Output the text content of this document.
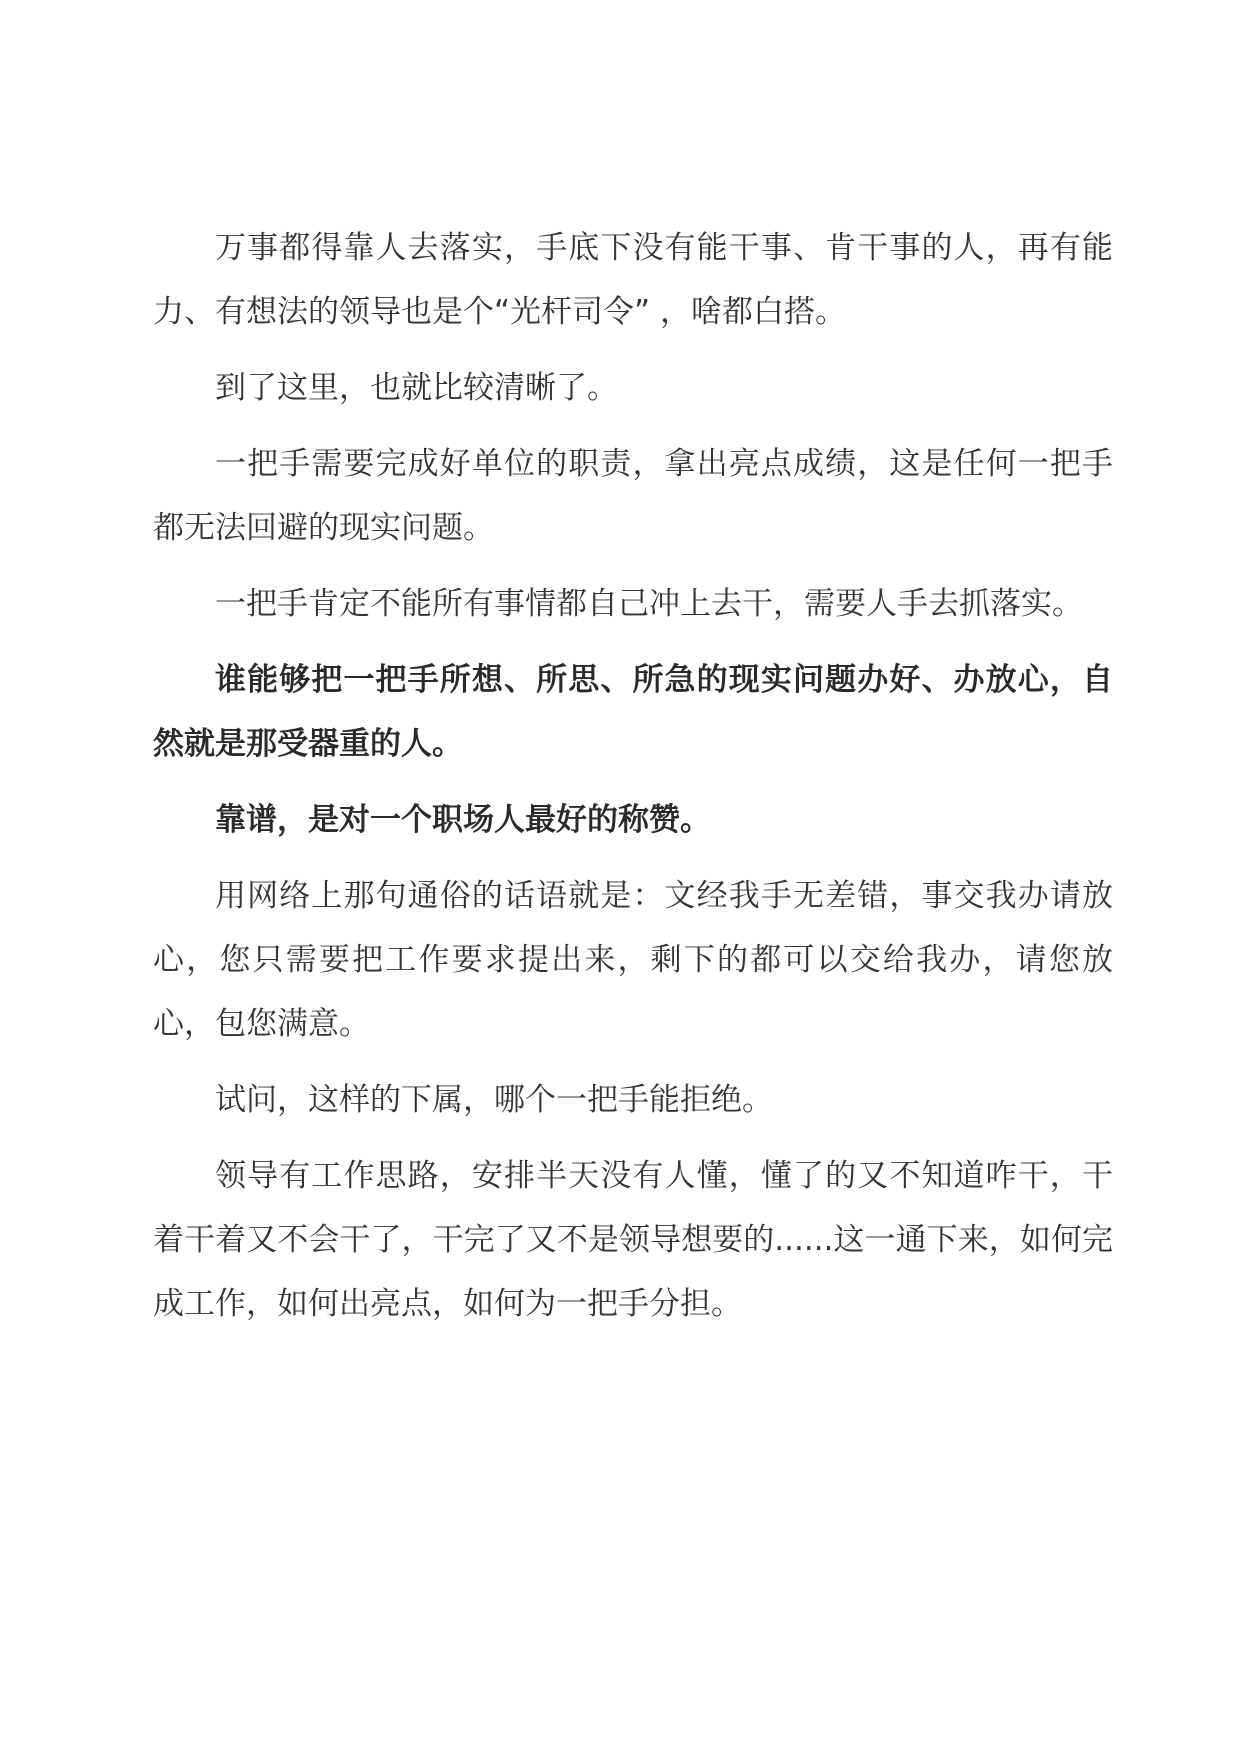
万事都得靠人去落实，手底下没有能干事、肯干事的人，再有能力、有想法的领导也是个“光杆司令” ，啥都白搭。

到了这里，也就比较清晰了。

一把手需要完成好单位的职责，拿出亮点成绩，这是任何一把手都无法回避的现实问题。

一把手肯定不能所有事情都自己冲上去干，需要人手去抓落实。

谁能够把一把手所想、所思、所急的现实问题办好、办放心，自然就是那受器重的人。

靠谱，是对一个职场人最好的称赞。

用网络上那句通俗的话语就是：文经我手无差错，事交我办请放心，您只需要把工作要求提出来，剩下的都可以交给我办，请您放心，包您满意。

试问，这样的下属，哪个一把手能拒绝。

领导有工作思路，安排半天没有人懂，懂了的又不知道咋干，干着干着又不会干了，干完了又不是领导想要的......这一通下来，如何完成工作，如何出亮点，如何为一把手分担。
